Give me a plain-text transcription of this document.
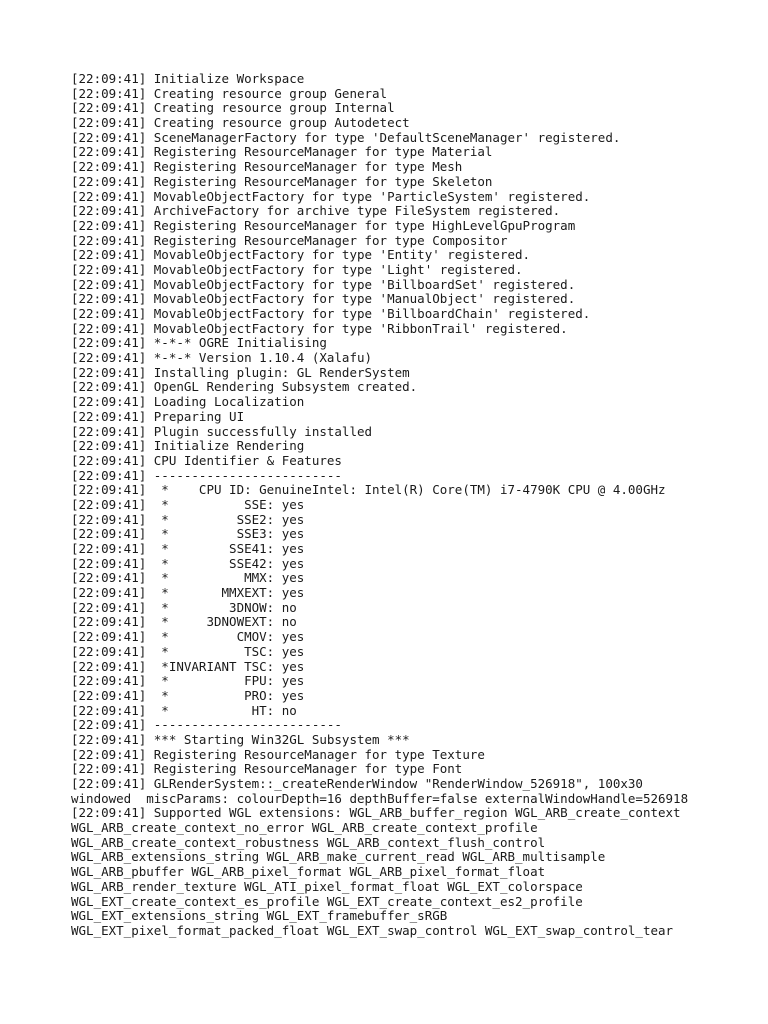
[22:09:41] Initialize Workspace
[22:09:41] Creating resource group General
[22:09:41] Creating resource group Internal
[22:09:41] Creating resource group Autodetect
[22:09:41] SceneManagerFactory for type 'DefaultSceneManager' registered.
[22:09:41] Registering ResourceManager for type Material
[22:09:41] Registering ResourceManager for type Mesh
[22:09:41] Registering ResourceManager for type Skeleton
[22:09:41] MovableObjectFactory for type 'ParticleSystem' registered.
[22:09:41] ArchiveFactory for archive type FileSystem registered.
[22:09:41] Registering ResourceManager for type HighLevelGpuProgram
[22:09:41] Registering ResourceManager for type Compositor
[22:09:41] MovableObjectFactory for type 'Entity' registered.
[22:09:41] MovableObjectFactory for type 'Light' registered.
[22:09:41] MovableObjectFactory for type 'BillboardSet' registered.
[22:09:41] MovableObjectFactory for type 'ManualObject' registered.
[22:09:41] MovableObjectFactory for type 'BillboardChain' registered.
[22:09:41] MovableObjectFactory for type 'RibbonTrail' registered.
[22:09:41] *-*-* OGRE Initialising
[22:09:41] *-*-* Version 1.10.4 (Xalafu)
[22:09:41] Installing plugin: GL RenderSystem
[22:09:41] OpenGL Rendering Subsystem created.
[22:09:41] Loading Localization
[22:09:41] Preparing UI
[22:09:41] Plugin successfully installed
[22:09:41] Initialize Rendering
[22:09:41] CPU Identifier & Features
[22:09:41] -------------------------
[22:09:41]  *    CPU ID: GenuineIntel: Intel(R) Core(TM) i7-4790K CPU @ 4.00GHz
[22:09:41]  *          SSE: yes
[22:09:41]  *         SSE2: yes
[22:09:41]  *         SSE3: yes
[22:09:41]  *        SSE41: yes
[22:09:41]  *        SSE42: yes
[22:09:41]  *          MMX: yes
[22:09:41]  *       MMXEXT: yes
[22:09:41]  *        3DNOW: no
[22:09:41]  *     3DNOWEXT: no
[22:09:41]  *         CMOV: yes
[22:09:41]  *          TSC: yes
[22:09:41]  *INVARIANT TSC: yes
[22:09:41]  *          FPU: yes
[22:09:41]  *          PRO: yes
[22:09:41]  *           HT: no
[22:09:41] -------------------------
[22:09:41] *** Starting Win32GL Subsystem ***
[22:09:41] Registering ResourceManager for type Texture
[22:09:41] Registering ResourceManager for type Font
[22:09:41] GLRenderSystem::_createRenderWindow "RenderWindow_526918", 100x30
windowed  miscParams: colourDepth=16 depthBuffer=false externalWindowHandle=526918
[22:09:41] Supported WGL extensions: WGL_ARB_buffer_region WGL_ARB_create_context
WGL_ARB_create_context_no_error WGL_ARB_create_context_profile
WGL_ARB_create_context_robustness WGL_ARB_context_flush_control
WGL_ARB_extensions_string WGL_ARB_make_current_read WGL_ARB_multisample
WGL_ARB_pbuffer WGL_ARB_pixel_format WGL_ARB_pixel_format_float
WGL_ARB_render_texture WGL_ATI_pixel_format_float WGL_EXT_colorspace
WGL_EXT_create_context_es_profile WGL_EXT_create_context_es2_profile
WGL_EXT_extensions_string WGL_EXT_framebuffer_sRGB
WGL_EXT_pixel_format_packed_float WGL_EXT_swap_control WGL_EXT_swap_control_tear
